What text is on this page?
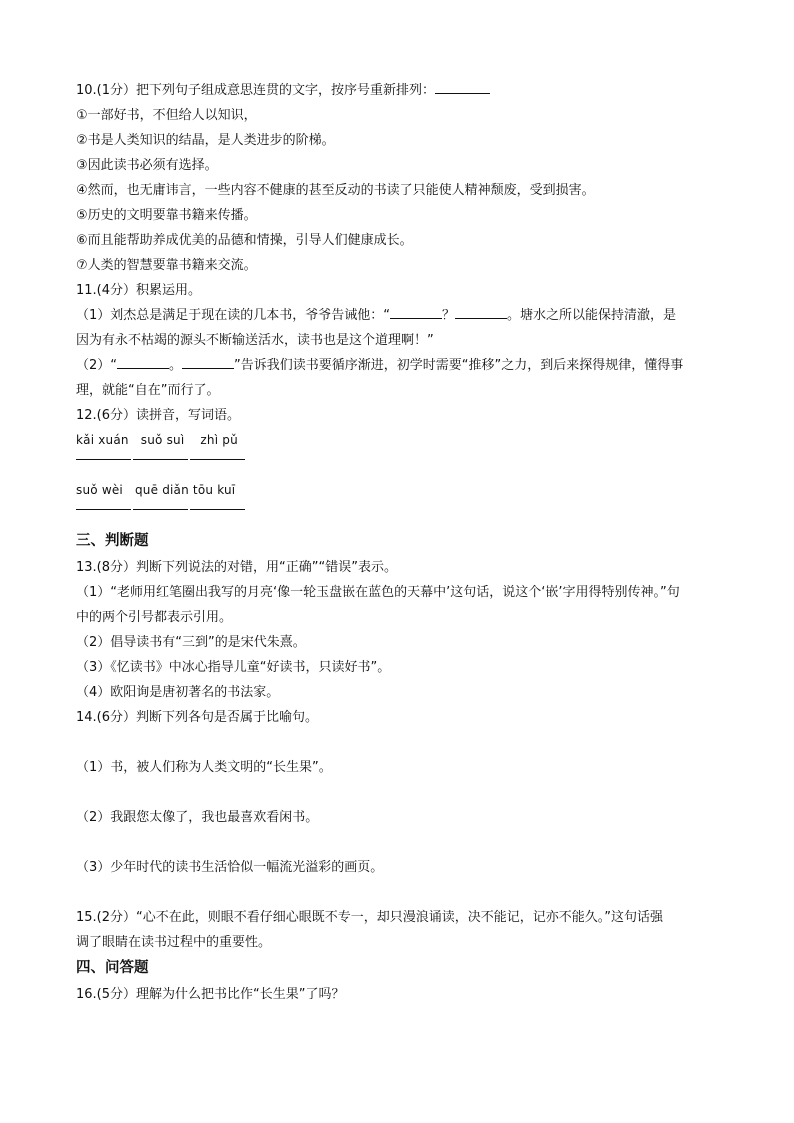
10.(1分）把下列句子组成意思连贯的文字，按序号重新排列：
①一部好书，不但给人以知识，
②书是人类知识的结晶，是人类进步的阶梯。
③因此读书必须有选择。
④然而，也无庸讳言，一些内容不健康的甚至反动的书读了只能使人精神颓废，受到损害。
⑤历史的文明要靠书籍来传播。
⑥而且能帮助养成优美的品德和情操，引导人们健康成长。
⑦人类的智慧要靠书籍来交流。
11.(4分）积累运用。
（1）刘杰总是满足于现在读的几本书，爷爷告诫他：“	？	。塘水之所以能保持清澈，是
因为有永不枯竭的源头不断输送活水，读书也是这个道理啊！”
（2）“	。	”告诉我们读书要循序渐进，初学时需要“推移”之力，到后来探得规律，懂得事
理，就能“自在”而行了。
12.(6分）读拼音，写词语。
kǎi xuán   suǒ suì    zhì pǔ
suǒ wèi   quē diǎn tōu kuī
三、判断题
13.(8分）判断下列说法的对错，用“正确”“错误”表示。
（1）“老师用红笔圈出我写的月亮‘像一轮玉盘嵌在蓝色的天幕中’这句话，说这个‘嵌’字用得特别传神。”句
中的两个引号都表示引用。
（2）倡导读书有“三到”的是宋代朱熹。
（3）《忆读书》中冰心指导儿童“好读书，只读好书”。
（4）欧阳询是唐初著名的书法家。
14.(6分）判断下列各句是否属于比喻句。
（1）书，被人们称为人类文明的“长生果”。
（2）我跟您太像了，我也最喜欢看闲书。
（3）少年时代的读书生活恰似一幅流光溢彩的画页。
15.(2分）“心不在此，则眼不看仔细心眼既不专一，却只漫浪诵读，决不能记，记亦不能久。”这句话强
调了眼睛在读书过程中的重要性。
四、问答题
16.(5分）理解为什么把书比作“长生果”了吗？
